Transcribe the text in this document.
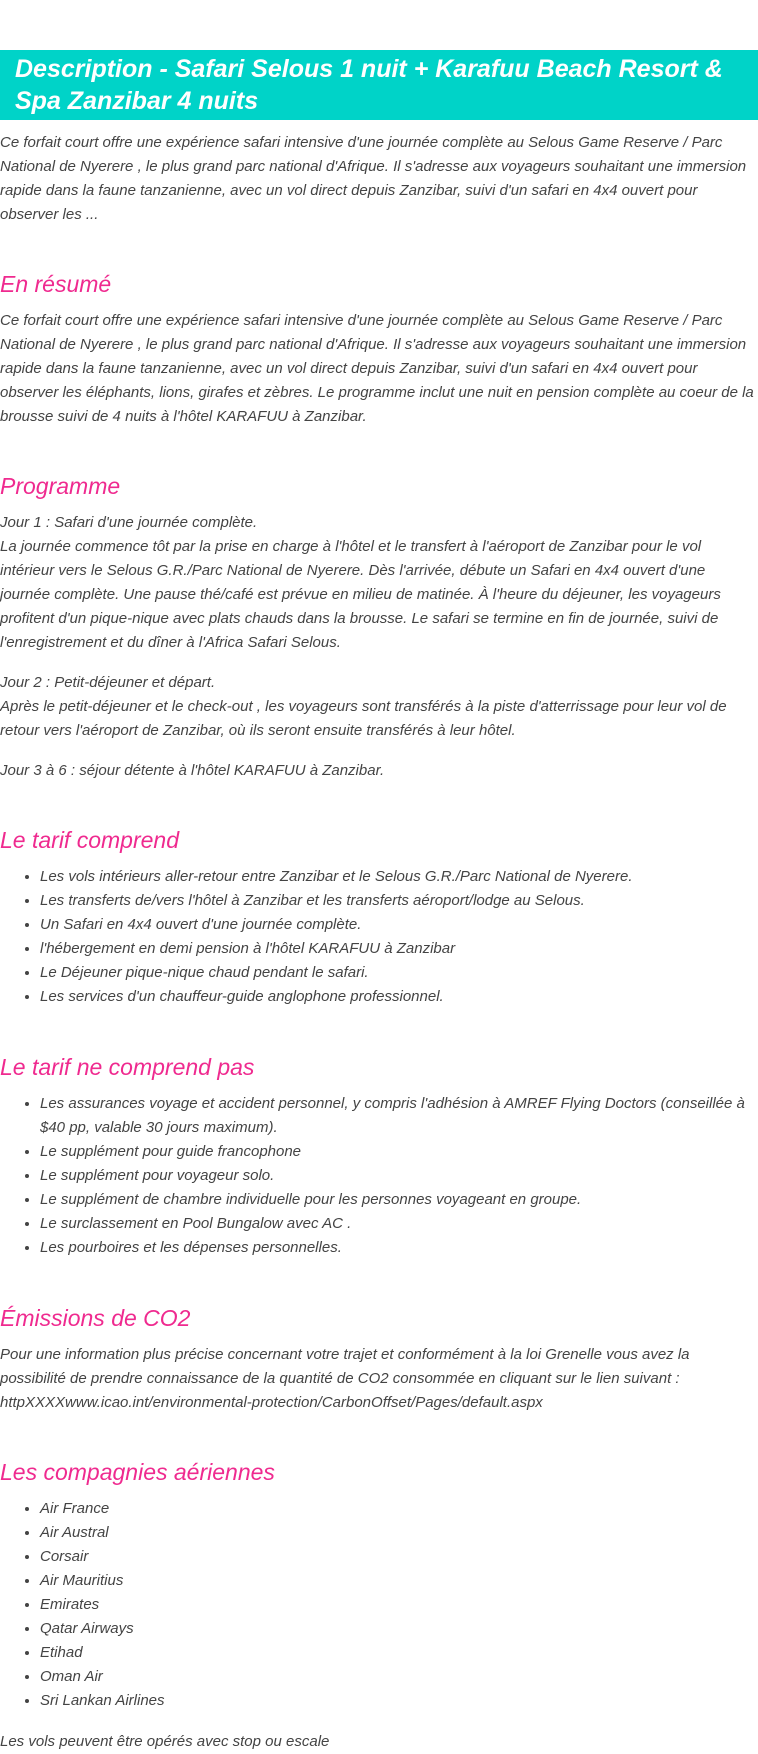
Description - Safari Selous 1 nuit + Karafuu Beach Resort & Spa Zanzibar 4 nuits

Ce forfait court offre une expérience safari intensive d'une journée complète au Selous Game Reserve / Parc National de Nyerere , le plus grand parc national d'Afrique. Il s'adresse aux voyageurs souhaitant une immersion rapide dans la faune tanzanienne, avec un vol direct depuis Zanzibar, suivi d'un safari en 4x4 ouvert pour observer les ...

En résumé

Ce forfait court offre une expérience safari intensive d'une journée complète au Selous Game Reserve / Parc National de Nyerere , le plus grand parc national d'Afrique. Il s'adresse aux voyageurs souhaitant une immersion rapide dans la faune tanzanienne, avec un vol direct depuis Zanzibar, suivi d'un safari en 4x4 ouvert pour observer les éléphants, lions, girafes et zèbres. Le programme inclut une nuit en pension complète au coeur de la brousse suivi de 4 nuits à l'hôtel KARAFUU à Zanzibar.

Programme

Jour 1 : Safari d'une journée complète.

La journée commence tôt par la prise en charge à l'hôtel et le transfert à l'aéroport de Zanzibar pour le vol intérieur vers le Selous G.R./Parc National de Nyerere. Dès l'arrivée, débute un Safari en 4x4 ouvert d'une journée complète. Une pause thé/café est prévue en milieu de matinée. À l'heure du déjeuner, les voyageurs profitent d'un pique-nique avec plats chauds dans la brousse. Le safari se termine en fin de journée, suivi de l'enregistrement et du dîner à l'Africa Safari Selous.

Jour 2 : Petit-déjeuner et départ.

Après le petit-déjeuner et le check-out , les voyageurs sont transférés à la piste d'atterrissage pour leur vol de retour vers l'aéroport de Zanzibar, où ils seront ensuite transférés à leur hôtel.

Jour 3 à 6 : séjour détente à l'hôtel KARAFUU à Zanzibar.

Le tarif comprend
• Les vols intérieurs aller-retour entre Zanzibar et le Selous G.R./Parc National de Nyerere.
• Les transferts de/vers l'hôtel à Zanzibar et les transferts aéroport/lodge au Selous.
• Un Safari en 4x4 ouvert d'une journée complète.
• l'hébergement en demi pension à l'hôtel KARAFUU à Zanzibar
• Le Déjeuner pique-nique chaud pendant le safari.
• Les services d'un chauffeur-guide anglophone professionnel.
Le tarif ne comprend pas
• Les assurances voyage et accident personnel, y compris l'adhésion à AMREF Flying Doctors (conseillée à $40 pp, valable 30 jours maximum).
• Le supplément pour guide francophone
• Le supplément pour voyageur solo.
• Le supplément de chambre individuelle pour les personnes voyageant en groupe.
• Le surclassement en Pool Bungalow avec AC .
• Les pourboires et les dépenses personnelles.
Émissions de CO2

Pour une information plus précise concernant votre trajet et conformément à la loi Grenelle vous avez la possibilité de prendre connaissance de la quantité de CO2 consommée en cliquant sur le lien suivant :

httpXXXXwww.icao.int/environmental-protection/CarbonOffset/Pages/default.aspx

Les compagnies aériennes
• Air France
• Air Austral
• Corsair
• Air Mauritius
• Emirates
• Qatar Airways
• Etihad
• Oman Air
• Sri Lankan Airlines

Les vols peuvent être opérés avec stop ou escale
